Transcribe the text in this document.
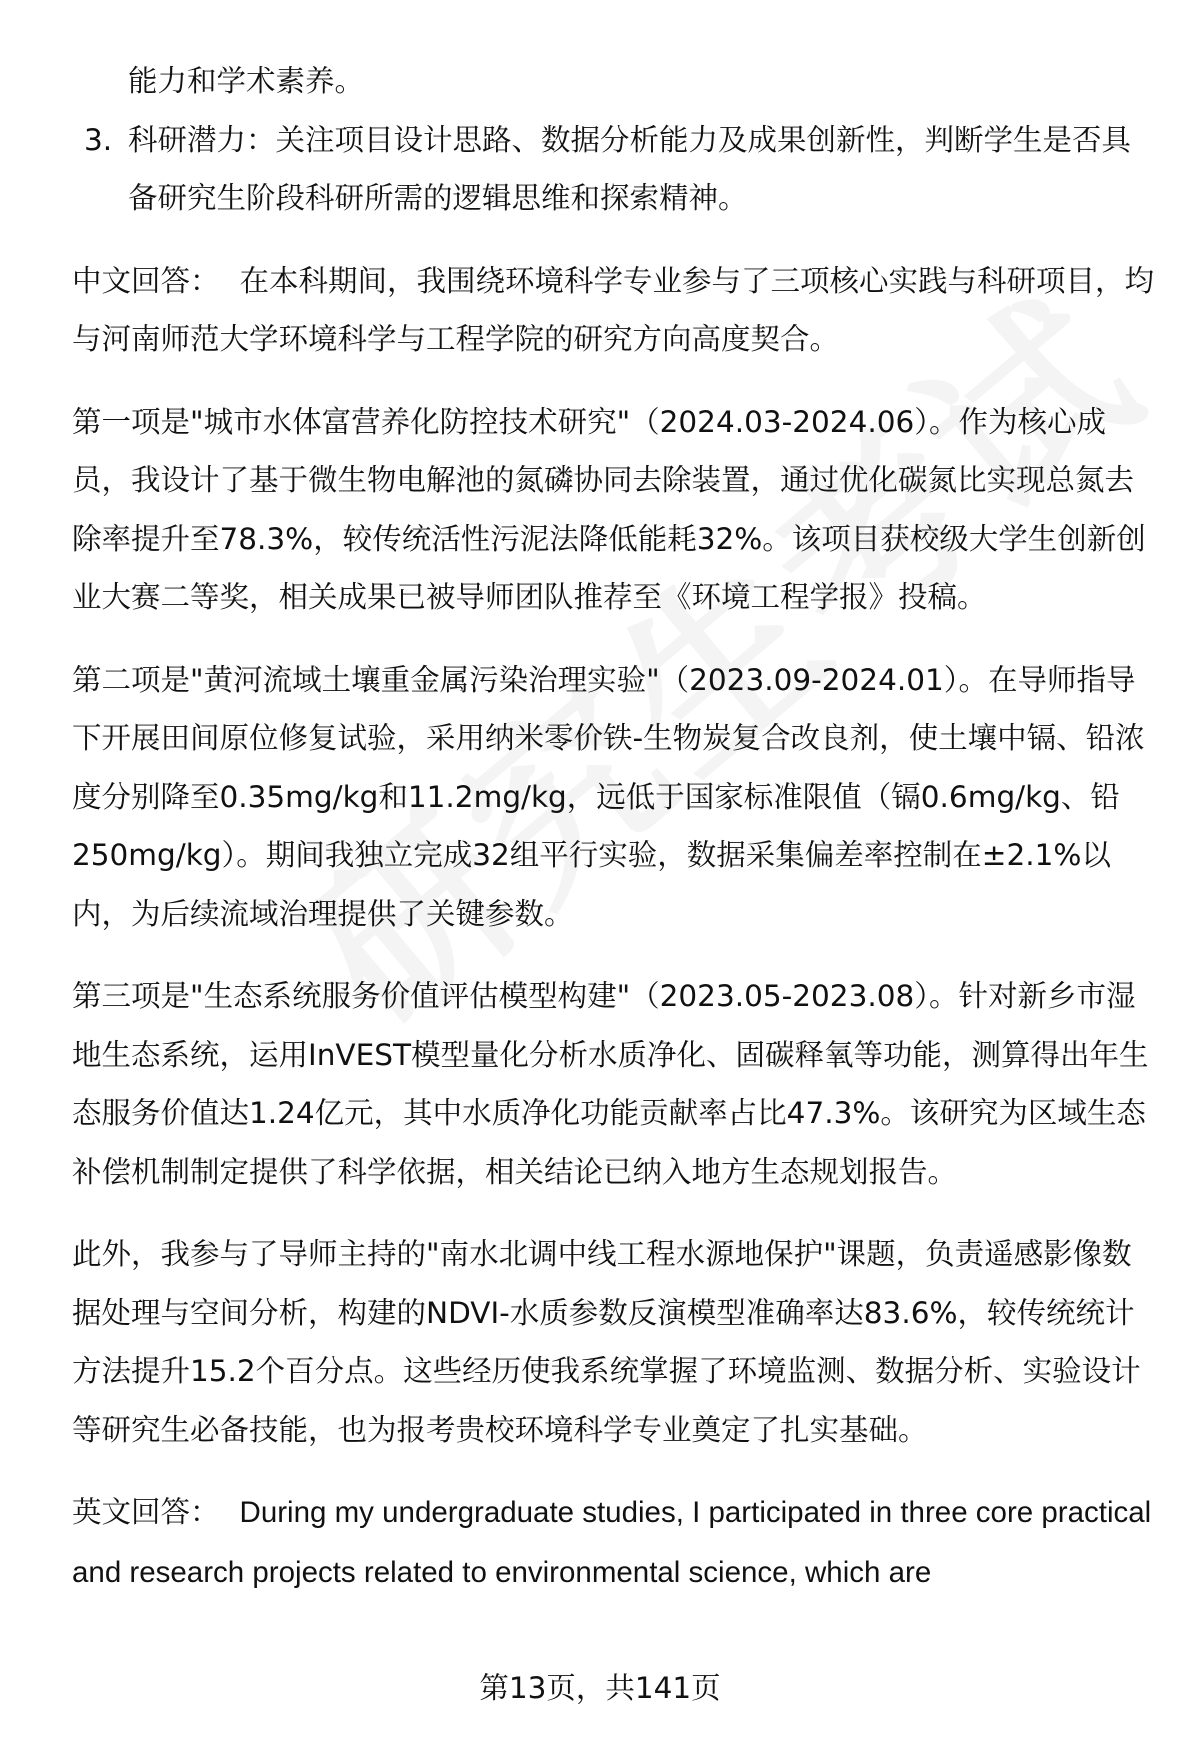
能力和学术素养。

3. 科研潜力：关注项目设计思路、数据分析能力及成果创新性，判断学生是否具备研究生阶段科研所需的逻辑思维和探索精神。

中文回答： 在本科期间，我围绕环境科学专业参与了三项核心实践与科研项目，均与河南师范大学环境科学与工程学院的研究方向高度契合。

第一项是"城市水体富营养化防控技术研究"（2024.03-2024.06）。作为核心成员，我设计了基于微生物电解池的氮磷协同去除装置，通过优化碳氮比实现总氮去除率提升至78.3%，较传统活性污泥法降低能耗32%。该项目获校级大学生创新创业大赛二等奖，相关成果已被导师团队推荐至《环境工程学报》投稿。

第二项是"黄河流域土壤重金属污染治理实验"（2023.09-2024.01）。在导师指导下开展田间原位修复试验，采用纳米零价铁-生物炭复合改良剂，使土壤中镉、铅浓度分别降至0.35mg/kg和11.2mg/kg，远低于国家标准限值（镉0.6mg/kg、铅250mg/kg）。期间我独立完成32组平行实验，数据采集偏差率控制在±2.1%以内，为后续流域治理提供了关键参数。

第三项是"生态系统服务价值评估模型构建"（2023.05-2023.08）。针对新乡市湿地生态系统，运用InVEST模型量化分析水质净化、固碳释氧等功能，测算得出年生态服务价值达1.24亿元，其中水质净化功能贡献率占比47.3%。该研究为区域生态补偿机制制定提供了科学依据，相关结论已纳入地方生态规划报告。

此外，我参与了导师主持的"南水北调中线工程水源地保护"课题，负责遥感影像数据处理与空间分析，构建的NDVI-水质参数反演模型准确率达83.6%，较传统统计方法提升15.2个百分点。这些经历使我系统掌握了环境监测、数据分析、实验设计等研究生必备技能，也为报考贵校环境科学专业奠定了扎实基础。

英文回答： During my undergraduate studies, I participated in three core practical and research projects related to environmental science, which are

第13页，共141页
